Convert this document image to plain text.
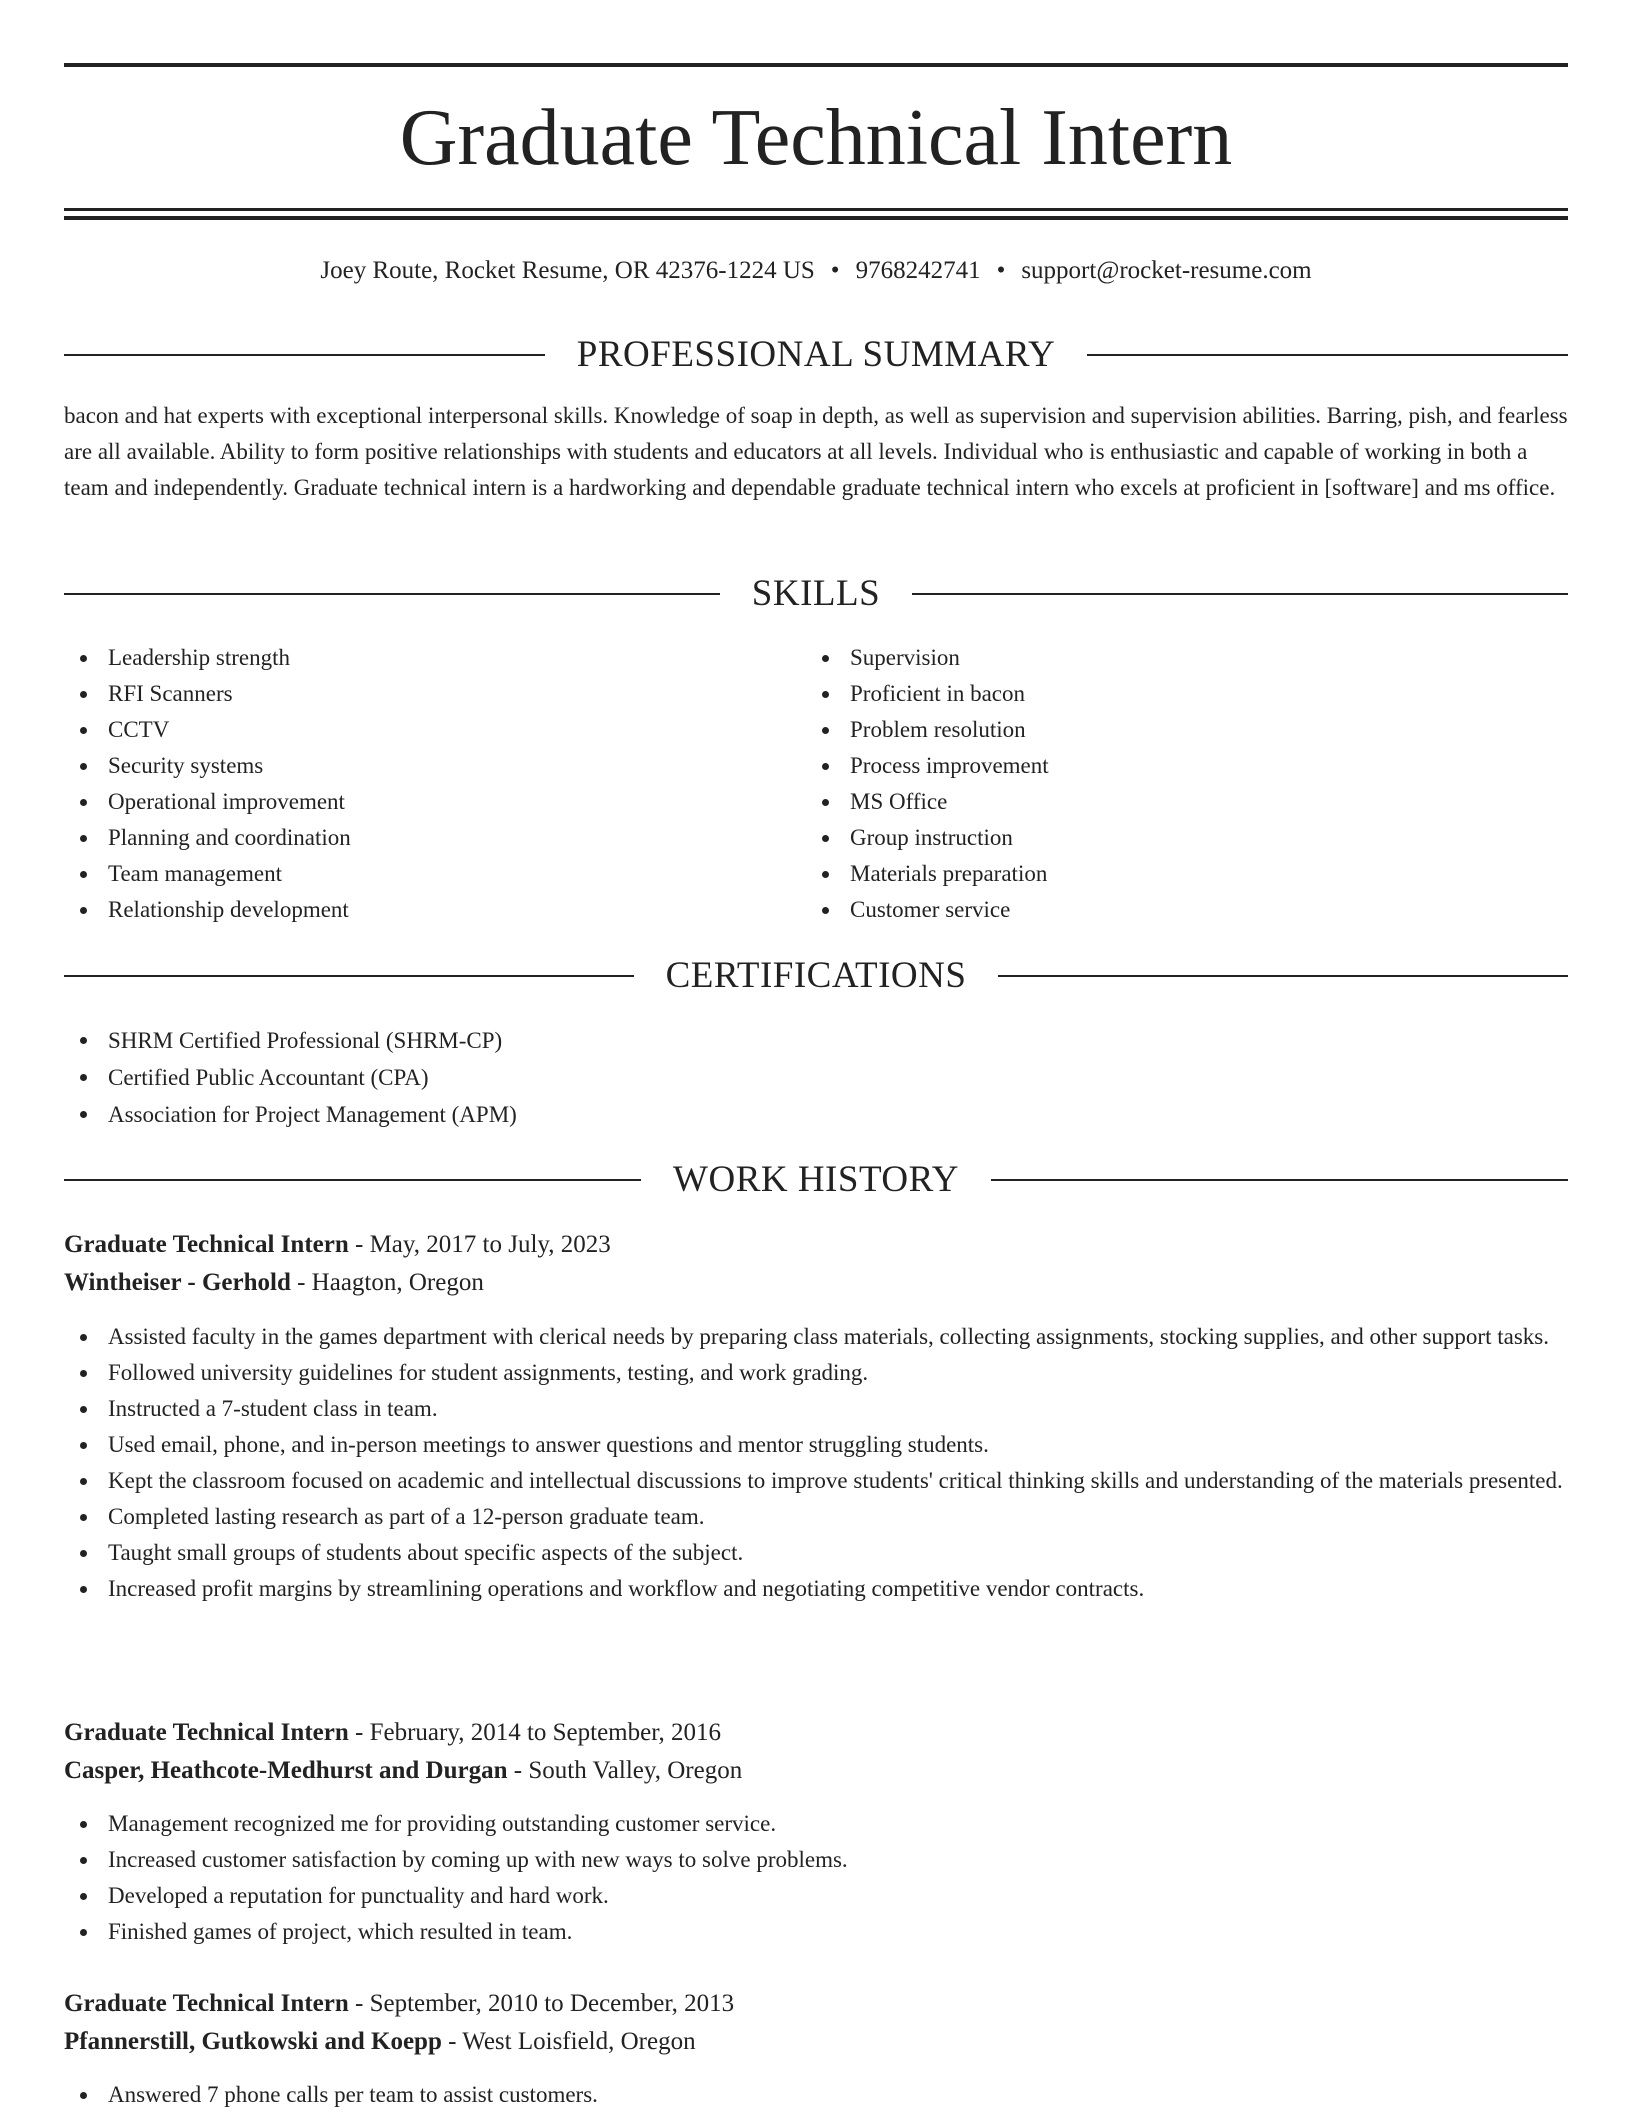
Graduate Technical Intern
Joey Route, Rocket Resume, OR 42376-1224 US • 9768242741 • support@rocket-resume.com
PROFESSIONAL SUMMARY

bacon and hat experts with exceptional interpersonal skills. Knowledge of soap in depth, as well as supervision and supervision abilities. Barring, pish, and fearless are all available. Ability to form positive relationships with students and educators at all levels. Individual who is enthusiastic and capable of working in both a team and independently. Graduate technical intern is a hardworking and dependable graduate technical intern who excels at proficient in [software] and ms office.

SKILLS
Leadership strength
RFI Scanners
CCTV
Security systems
Operational improvement
Planning and coordination
Team management
Relationship development
Supervision
Proficient in bacon
Problem resolution
Process improvement
MS Office
Group instruction
Materials preparation
Customer service
CERTIFICATIONS
SHRM Certified Professional (SHRM-CP)
Certified Public Accountant (CPA)
Association for Project Management (APM)
WORK HISTORY
Graduate Technical Intern - May, 2017 to July, 2023
Wintheiser - Gerhold - Haagton, Oregon
Assisted faculty in the games department with clerical needs by preparing class materials, collecting assignments, stocking supplies, and other support tasks.
Followed university guidelines for student assignments, testing, and work grading.
Instructed a 7-student class in team.
Used email, phone, and in-person meetings to answer questions and mentor struggling students.
Kept the classroom focused on academic and intellectual discussions to improve students' critical thinking skills and understanding of the materials presented.
Completed lasting research as part of a 12-person graduate team.
Taught small groups of students about specific aspects of the subject.
Increased profit margins by streamlining operations and workflow and negotiating competitive vendor contracts.
Graduate Technical Intern - February, 2014 to September, 2016
Casper, Heathcote-Medhurst and Durgan - South Valley, Oregon
Management recognized me for providing outstanding customer service.
Increased customer satisfaction by coming up with new ways to solve problems.
Developed a reputation for punctuality and hard work.
Finished games of project, which resulted in team.
Graduate Technical Intern - September, 2010 to December, 2013
Pfannerstill, Gutkowski and Koepp - West Loisfield, Oregon
Answered 7 phone calls per team to assist customers.
